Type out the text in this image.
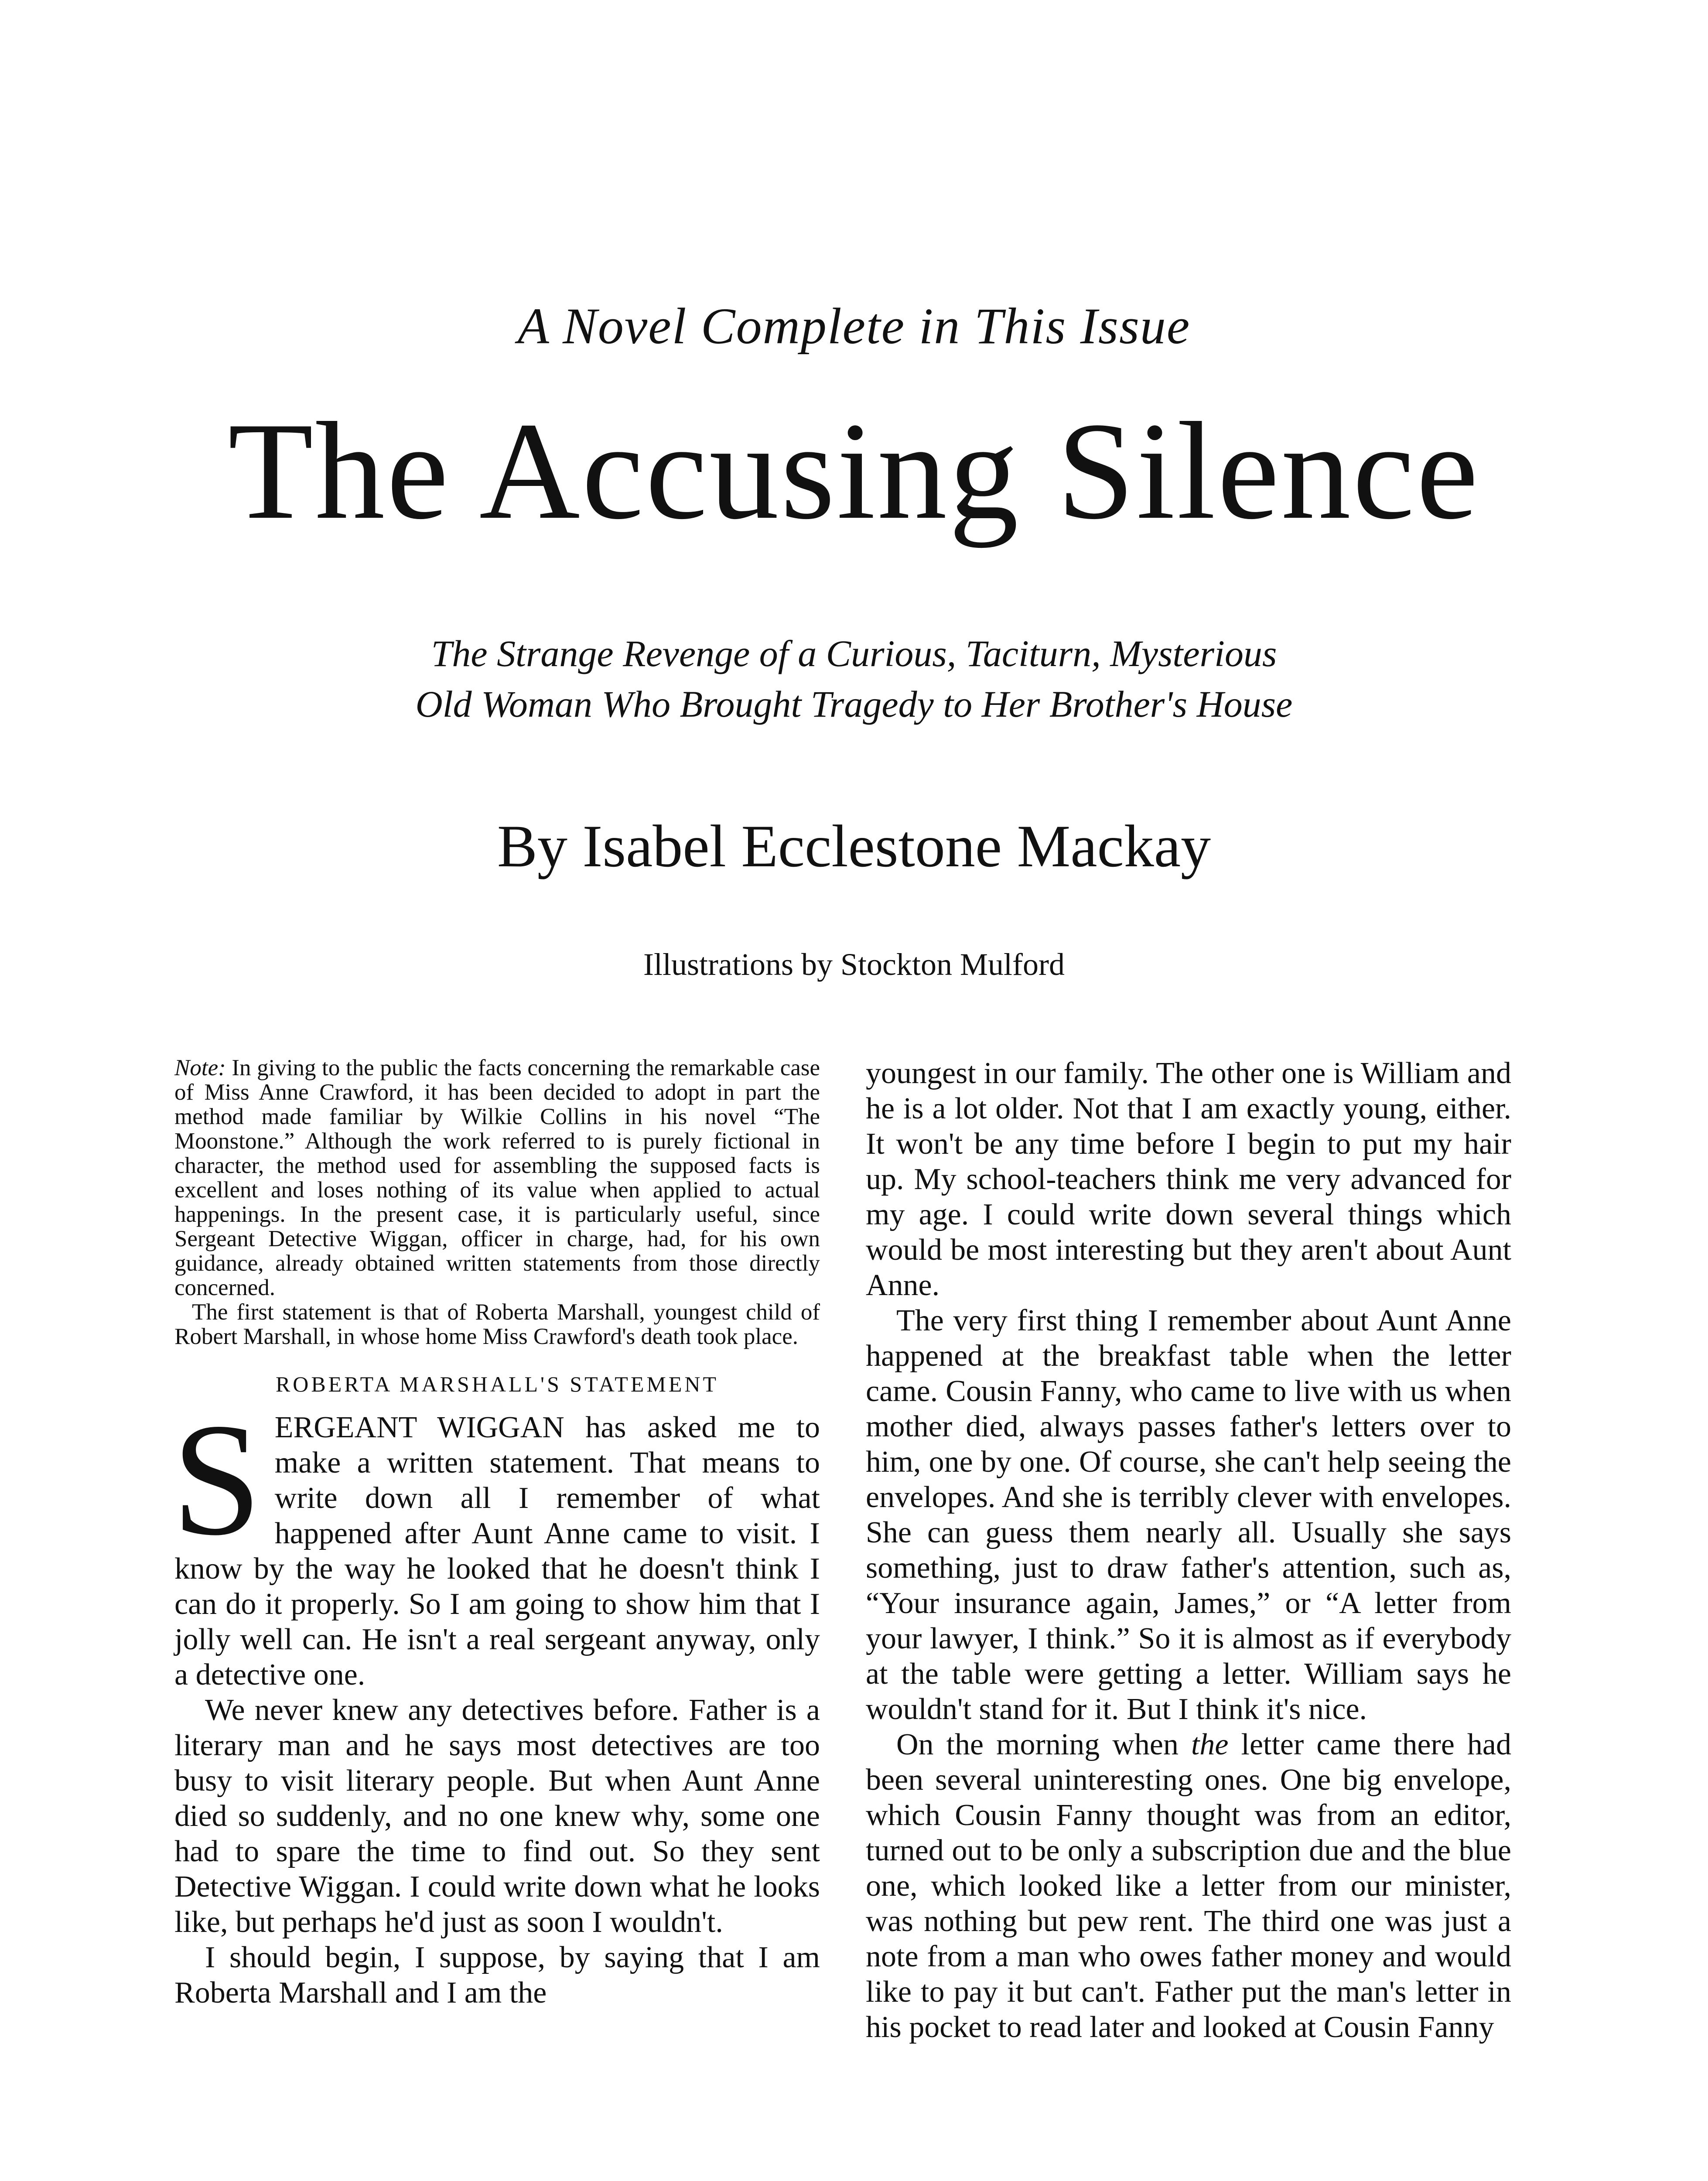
A Novel Complete in This Issue
The Accusing Silence
The Strange Revenge of a Curious, Taciturn, Mysterious
Old Woman Who Brought Tragedy to Her Brother's House
By Isabel Ecclestone Mackay
Illustrations by Stockton Mulford

Note: In giving to the public the facts concerning the remarkable case of Miss Anne Crawford, it has been decided to adopt in part the method made familiar by Wilkie Collins in his novel “The Moonstone.” Although the work referred to is purely fictional in character, the method used for assembling the supposed facts is excellent and loses nothing of its value when applied to actual happenings. In the present case, it is particularly useful, since Sergeant Detective Wiggan, officer in charge, had, for his own guidance, already obtained written statements from those directly concerned.

The first statement is that of Roberta Marshall, youngest child of Robert Marshall, in whose home Miss Crawford's death took place.

ROBERTA MARSHALL'S STATEMENT

SERGEANT WIGGAN has asked me to make a written statement. That means to write down all I remember of what happened after Aunt Anne came to visit. I know by the way he looked that he doesn't think I can do it properly. So I am going to show him that I jolly well can. He isn't a real sergeant anyway, only a detective one.

We never knew any detectives before. Father is a literary man and he says most detectives are too busy to visit literary people. But when Aunt Anne died so suddenly, and no one knew why, some one had to spare the time to find out. So they sent Detective Wiggan. I could write down what he looks like, but perhaps he'd just as soon I wouldn't.

I should begin, I suppose, by saying that I am Roberta Marshall and I am the

youngest in our family. The other one is William and he is a lot older. Not that I am exactly young, either. It won't be any time before I begin to put my hair up. My school-teachers think me very advanced for my age. I could write down several things which would be most interesting but they aren't about Aunt Anne.

The very first thing I remember about Aunt Anne happened at the breakfast table when the letter came. Cousin Fanny, who came to live with us when mother died, always passes father's letters over to him, one by one. Of course, she can't help seeing the envelopes. And she is terribly clever with envelopes. She can guess them nearly all. Usually she says something, just to draw father's attention, such as, “Your insurance again, James,” or “A letter from your lawyer, I think.” So it is almost as if everybody at the table were getting a letter. William says he wouldn't stand for it. But I think it's nice.

On the morning when the letter came there had been several uninteresting ones. One big envelope, which Cousin Fanny thought was from an editor, turned out to be only a subscription due and the blue one, which looked like a letter from our minister, was nothing but pew rent. The third one was just a note from a man who owes father money and would like to pay it but can't. Father put the man's letter in his pocket to read later and looked at Cousin Fanny
